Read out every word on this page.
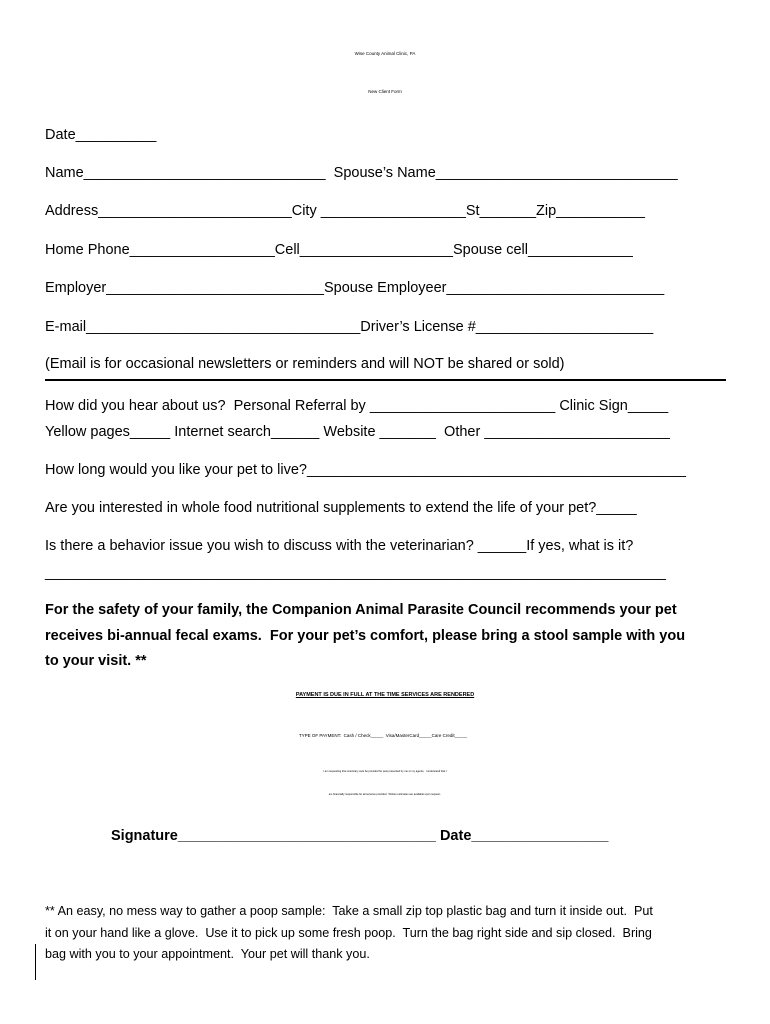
Wise County Animal Clinic, PA
New Client Form
Date__________
Name______________________________  Spouse’s Name______________________________
Address________________________City __________________St_______Zip___________
Home Phone__________________Cell___________________Spouse cell_____________
Employer___________________________Spouse Employeer___________________________
E-mail__________________________________Driver’s License #______________________
(Email is for occasional newsletters or reminders and will NOT be shared or sold)
How did you hear about us?  Personal Referral by _______________________ Clinic Sign_____
Yellow pages_____ Internet search______ Website _______  Other _______________________
How long would you like your pet to live?_______________________________________________
Are you interested in whole food nutritional supplements to extend the life of your pet?_____
Is there a behavior issue you wish to discuss with the veterinarian? ______If yes, what is it?
_____________________________________________________________________________
For the safety of your family, the Companion Animal Parasite Council recommends your pet
receives bi-annual fecal exams.  For your pet’s comfort, please bring a stool sample with you
to your visit. **
PAYMENT IS DUE IN FULL AT THE TIME SERVICES ARE RENDERED
TYPE OF PAYMENT:  Cash / Check_____  Visa/MasterCard_____Care Credit_____
I am requesting that veterinary care be provided for pets presented by me or my agents.  I understand that I
am financially responsible for all services provided.  Written estimates are available upon request..
Signature________________________________ Date_________________
** An easy, no mess way to gather a poop sample:  Take a small zip top plastic bag and turn it inside out.  Put
it on your hand like a glove.  Use it to pick up some fresh poop.  Turn the bag right side and sip closed.  Bring
bag with you to your appointment.  Your pet will thank you.
